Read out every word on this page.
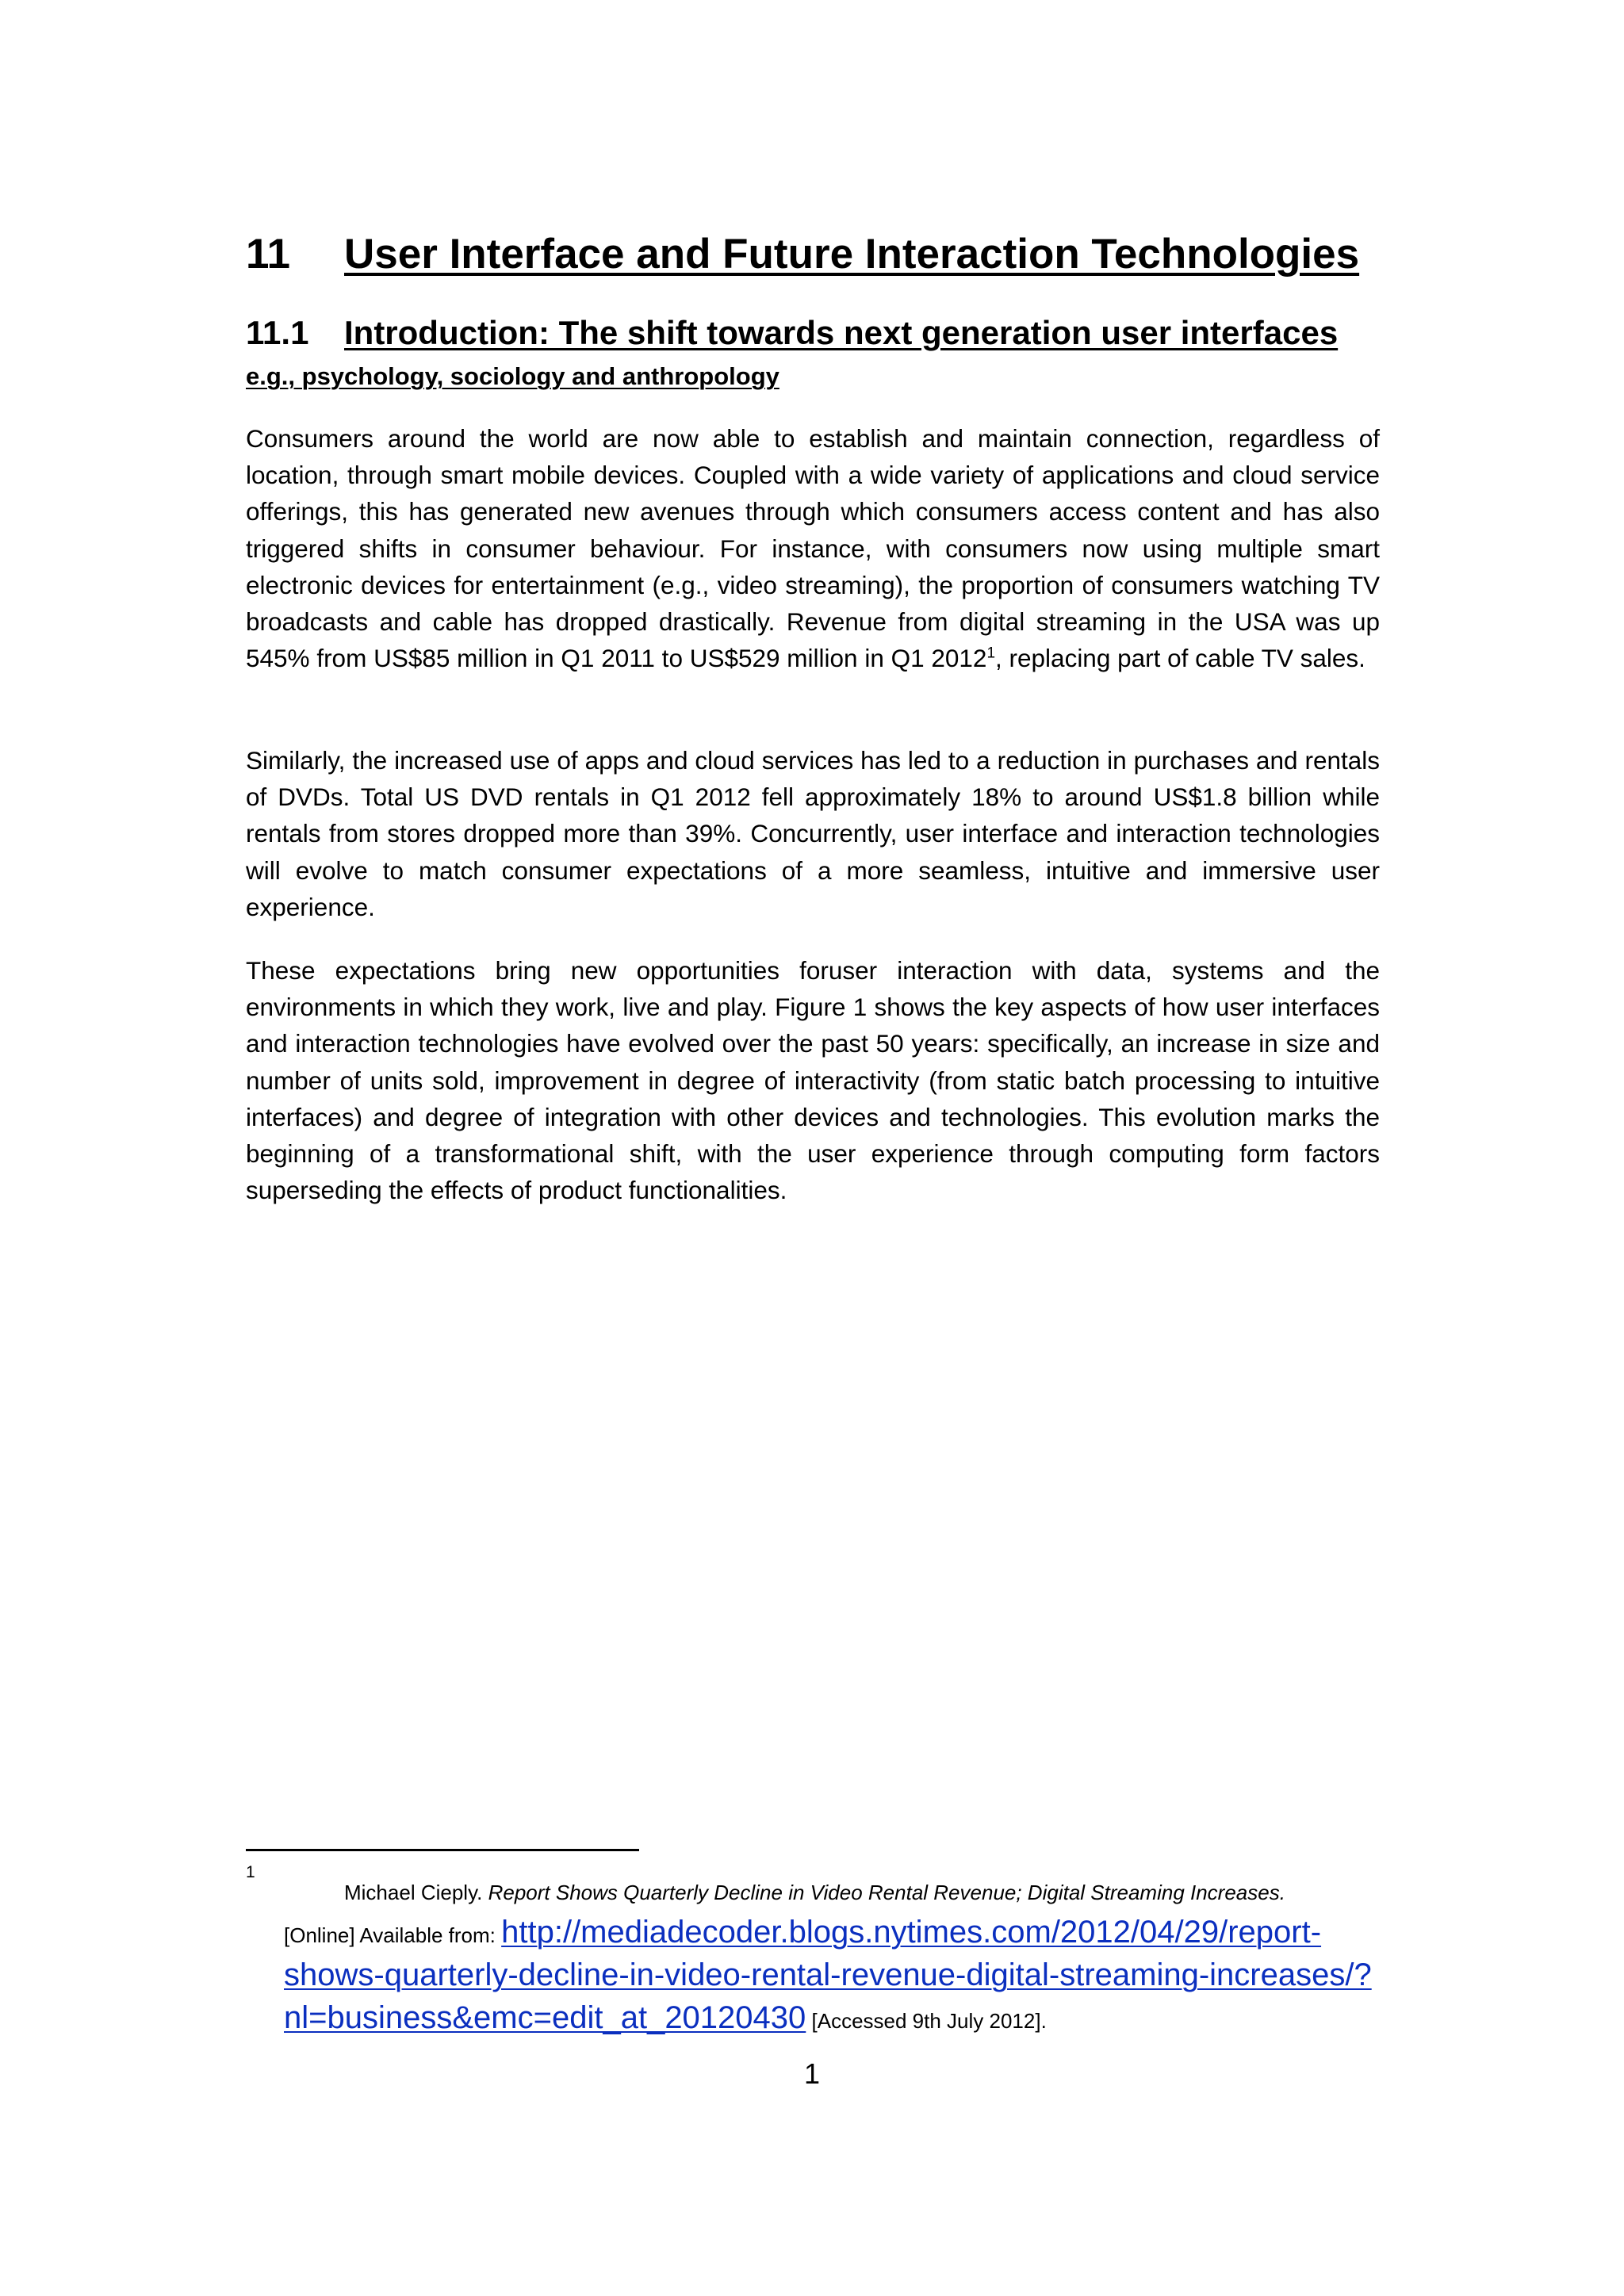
11 User Interface and Future Interaction Technologies
11.1 Introduction: The shift towards next generation user interfaces
e.g., psychology, sociology and anthropology

Consumers around the world are now able to establish and maintain connection, regardless of location, through smart mobile devices. Coupled with a wide variety of applications and cloud service offerings, this has generated new avenues through which consumers access content and has also triggered shifts in consumer behaviour. For instance, with consumers now using multiple smart electronic devices for entertainment (e.g., video streaming), the proportion of consumers watching TV broadcasts and cable has dropped drastically. Revenue from digital streaming in the USA was up 545% from US$85 million in Q1 2011 to US$529 million in Q1 2012$^1$, replacing part of cable TV sales.

Similarly, the increased use of apps and cloud services has led to a reduction in purchases and rentals of DVDs. Total US DVD rentals in Q1 2012 fell approximately 18% to around US$1.8 billion while rentals from stores dropped more than 39%. Concurrently, user interface and interaction technologies will evolve to match consumer expectations of a more seamless, intuitive and immersive user experience.

These expectations bring new opportunities foruser interaction with data, systems and the environments in which they work, live and play. Figure 1 shows the key aspects of how user interfaces and interaction technologies have evolved over the past 50 years: specifically, an increase in size and number of units sold, improvement in degree of interactivity (from static batch processing to intuitive interfaces) and degree of integration with other devices and technologies. This evolution marks the beginning of a transformational shift, with the user experience through computing form factors superseding the effects of product functionalities.

1
Michael Cieply. Report Shows Quarterly Decline in Video Rental Revenue; Digital Streaming Increases.
[Online] Available from: http://mediadecoder.blogs.nytimes.com/2012/04/29/report-shows-quarterly-decline-in-video-rental-revenue-digital-streaming-increases/?nl=business&emc=edit_at_20120430 [Accessed 9th July 2012].
1
